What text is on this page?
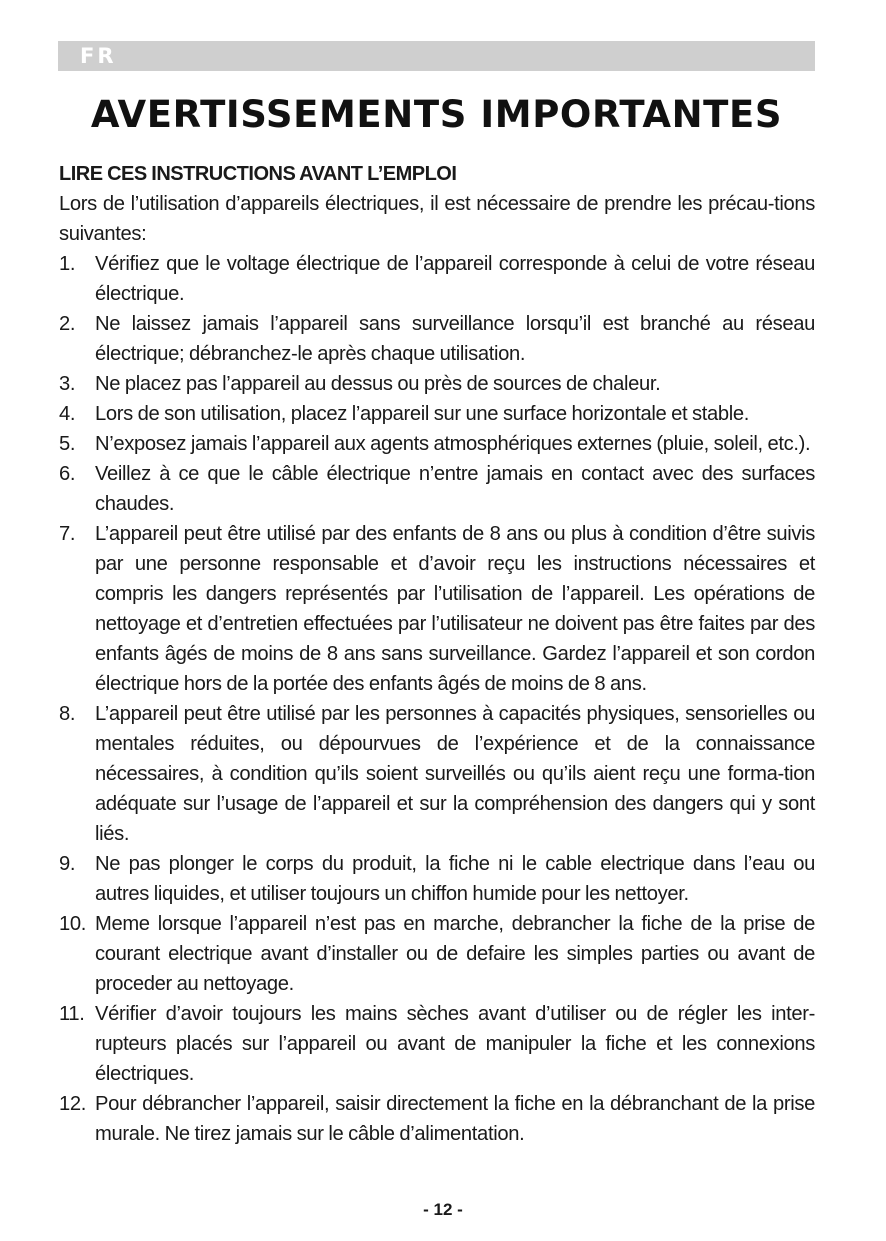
FR
AVERTISSEMENTS IMPORTANTES

LIRE CES INSTRUCTIONS AVANT L’EMPLOI

Lors de l’utilisation d’appareils électriques, il est nécessaire de prendre les précau-tions suivantes:

1. Vérifiez que le voltage électrique de l’appareil corresponde à celui de votre réseau électrique.
2. Ne laissez jamais l’appareil sans surveillance lorsqu’il est branché au réseau électrique; débranchez-le après chaque utilisation.
3. Ne placez pas l’appareil au dessus ou près de sources de chaleur.
4. Lors de son utilisation, placez l’appareil sur une surface horizontale et stable.
5. N’exposez jamais l’appareil aux agents atmosphériques externes (pluie, soleil, etc.).
6. Veillez à ce que le câble électrique n’entre jamais en contact avec des surfaces chaudes.
7. L’appareil peut être utilisé par des enfants de 8 ans ou plus à condition d’être suivis par une personne responsable et d’avoir reçu les instructions nécessaires et compris les dangers représentés par l’utilisation de l’appareil. Les opérations de nettoyage et d’entretien effectuées par l’utilisateur ne doivent pas être faites par des enfants âgés de moins de 8 ans sans surveillance. Gardez l’appareil et son cordon électrique hors de la portée des enfants âgés de moins de 8 ans.
8. L’appareil peut être utilisé par les personnes à capacités physiques, sensorielles ou mentales réduites, ou dépourvues de l’expérience et de la connaissance nécessaires, à condition qu’ils soient surveillés ou qu’ils aient reçu une forma-tion adéquate sur l’usage de l’appareil et sur la compréhension des dangers qui y sont liés.
9. Ne pas plonger le corps du produit, la fiche ni le cable electrique dans l’eau ou autres liquides, et utiliser toujours un chiffon humide pour les nettoyer.
10. Meme lorsque l’appareil n’est pas en marche, debrancher la fiche de la prise de courant electrique avant d’installer ou de defaire les simples parties ou avant de proceder au nettoyage.
11. Vérifier d’avoir toujours les mains sèches avant d’utiliser ou de régler les inter-rupteurs placés sur l’appareil ou avant de manipuler la fiche et les connexions électriques.
12. Pour débrancher l’appareil, saisir directement la fiche en la débranchant de la prise murale. Ne tirez jamais sur le câble d’alimentation.
- 12 -
